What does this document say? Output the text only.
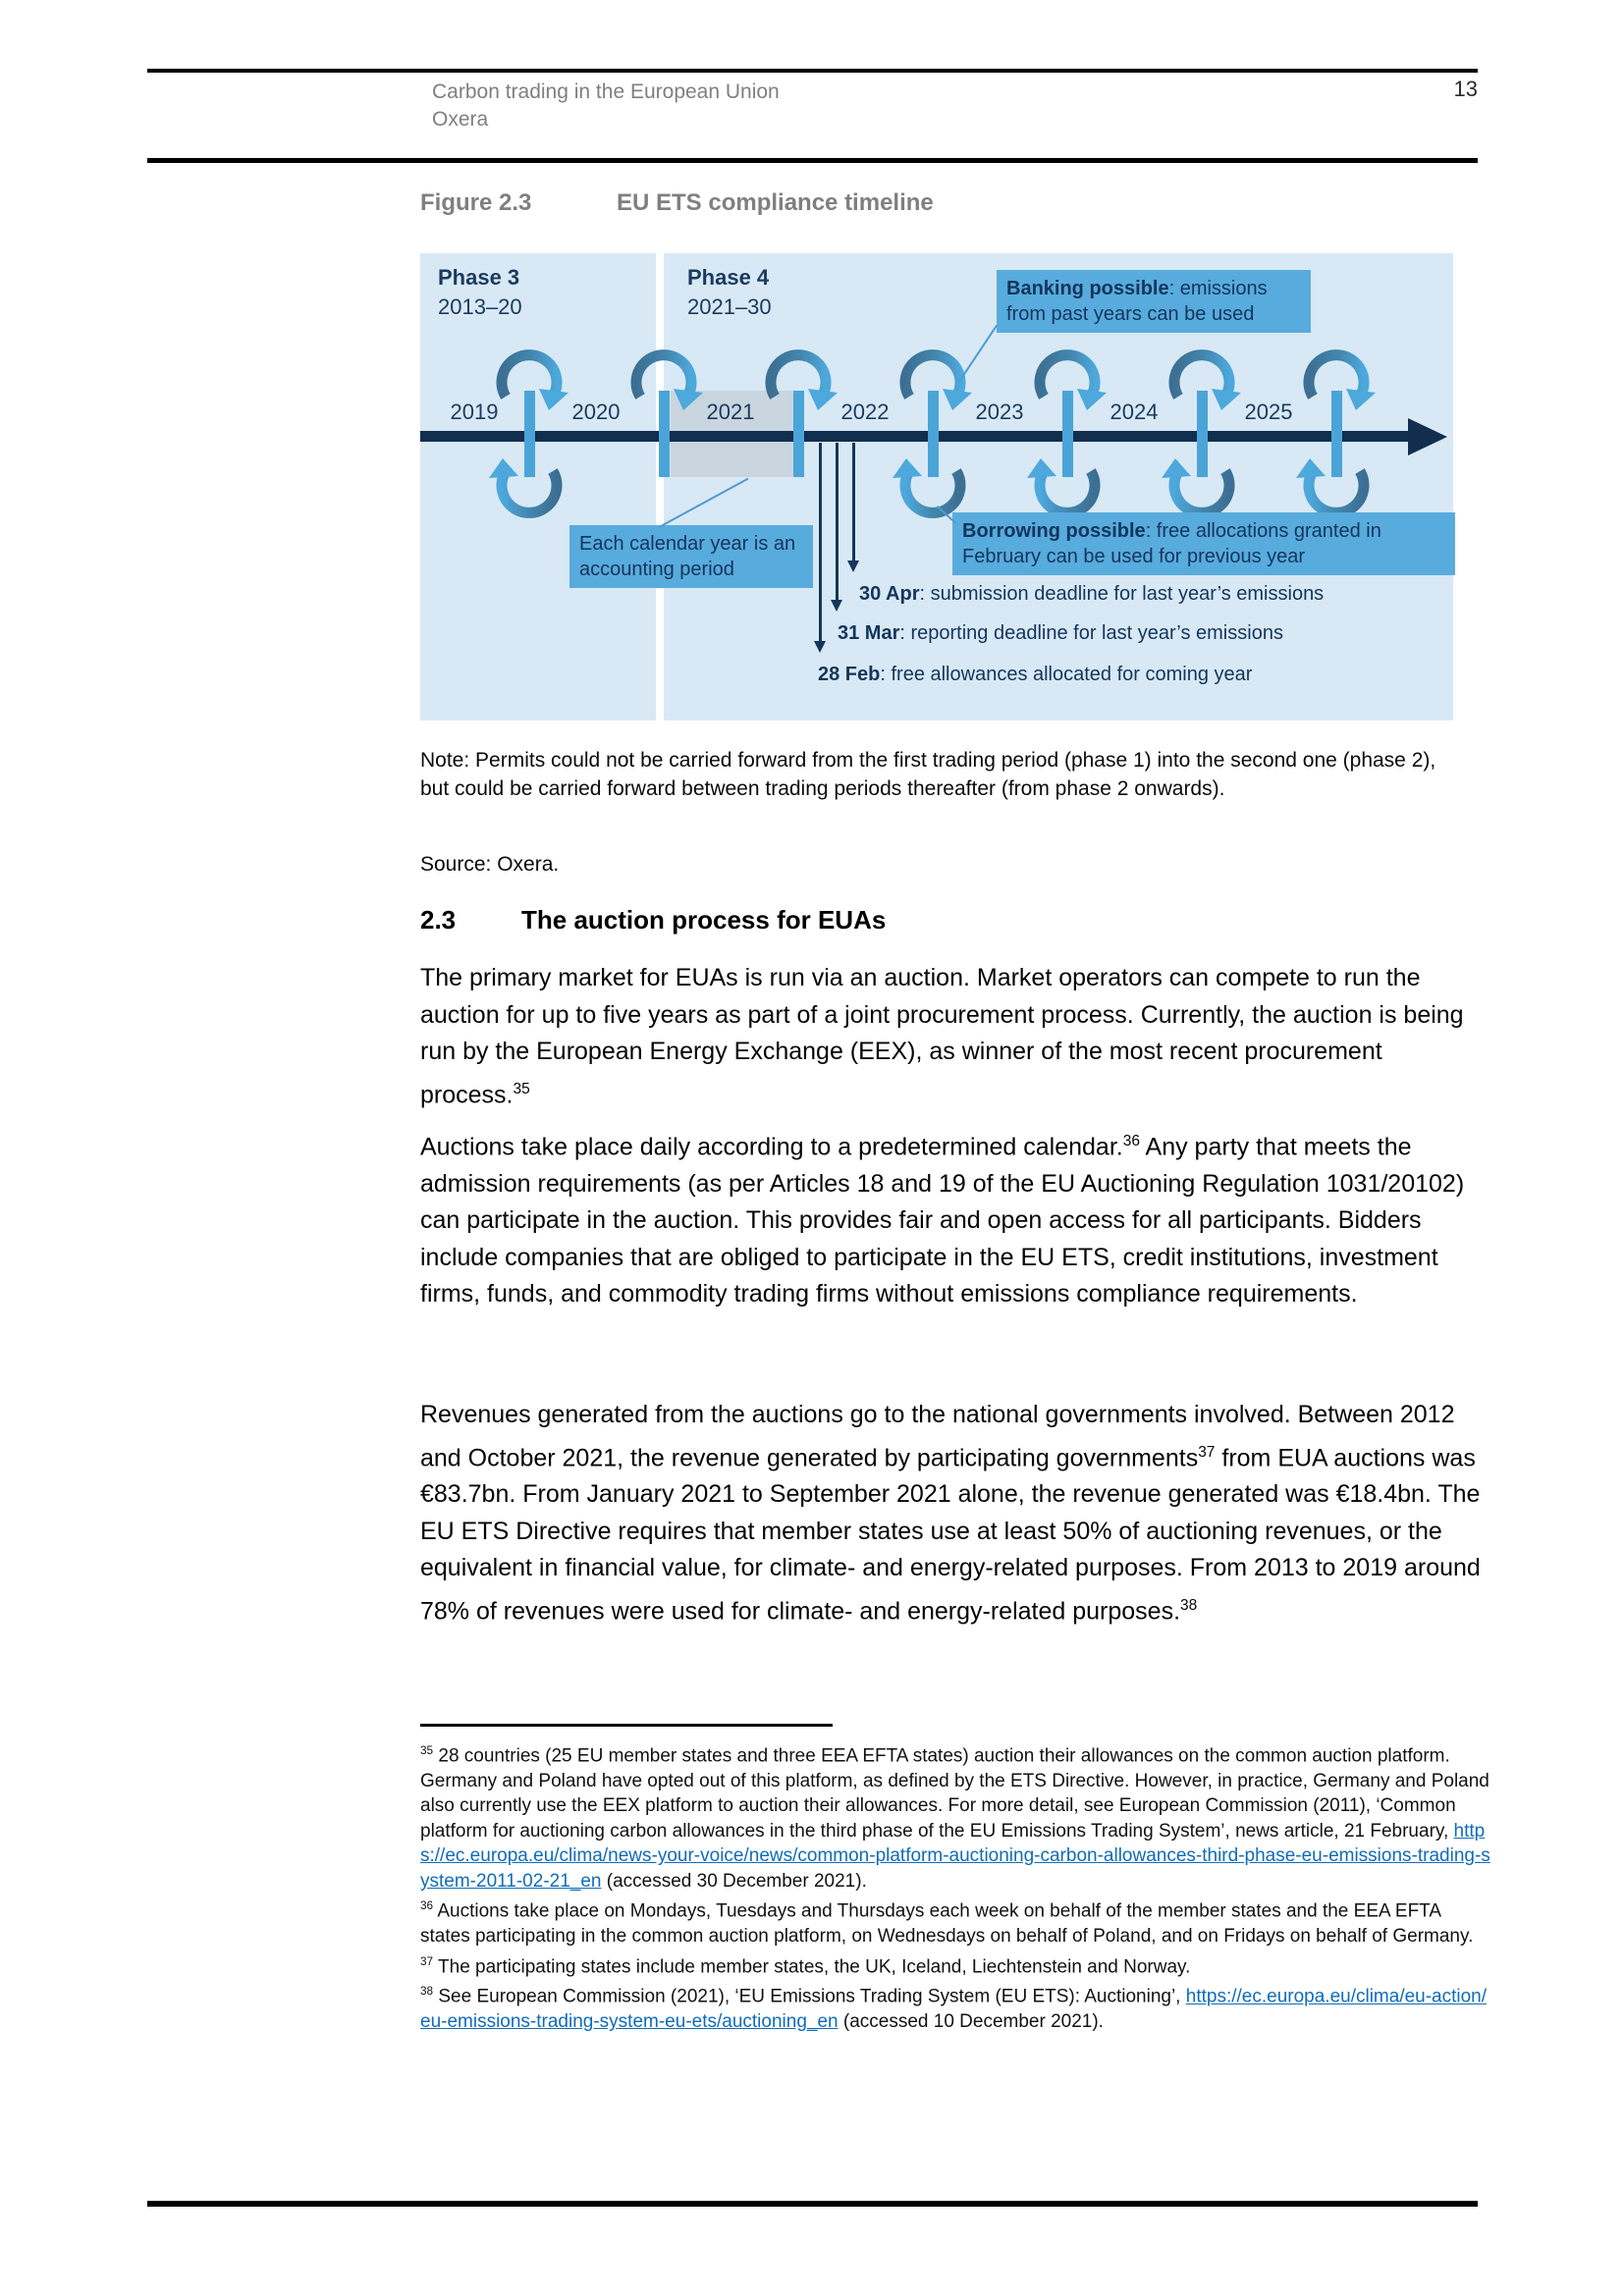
Carbon trading in the European Union
Oxera
13
Figure 2.3	EU ETS compliance timeline
Phase 3
2013–20
Phase 4
2021–30
2019	2020	2021	2022	2023	2024	2025
Banking possible: emissions from past years can be used
Each calendar year is an accounting period
Borrowing possible: free allocations granted in February can be used for previous year
30 Apr: submission deadline for last year’s emissions
31 Mar: reporting deadline for last year’s emissions
28 Feb: free allowances allocated for coming year
Note: Permits could not be carried forward from the first trading period (phase 1) into the second one (phase 2), but could be carried forward between trading periods thereafter (from phase 2 onwards).
Source: Oxera.
2.3	The auction process for EUAs
The primary market for EUAs is run via an auction. Market operators can compete to run the auction for up to five years as part of a joint procurement process. Currently, the auction is being run by the European Energy Exchange (EEX), as winner of the most recent procurement process.$^{35}$
Auctions take place daily according to a predetermined calendar.$^{36}$ Any party that meets the admission requirements (as per Articles 18 and 19 of the EU Auctioning Regulation 1031/20102) can participate in the auction. This provides fair and open access for all participants. Bidders include companies that are obliged to participate in the EU ETS, credit institutions, investment firms, funds, and commodity trading firms without emissions compliance requirements.
Revenues generated from the auctions go to the national governments involved. Between 2012 and October 2021, the revenue generated by participating governments$^{37}$ from EUA auctions was €83.7bn. From January 2021 to September 2021 alone, the revenue generated was €18.4bn. The EU ETS Directive requires that member states use at least 50% of auctioning revenues, or the equivalent in financial value, for climate- and energy-related purposes. From 2013 to 2019 around 78% of revenues were used for climate- and energy-related purposes.$^{38}$

$^{35}$ 28 countries (25 EU member states and three EEA EFTA states) auction their allowances on the common auction platform. Germany and Poland have opted out of this platform, as defined by the ETS Directive. However, in practice, Germany and Poland also currently use the EEX platform to auction their allowances. For more detail, see European Commission (2011), ‘Common platform for auctioning carbon allowances in the third phase of the EU Emissions Trading System’, news article, 21 February, https://ec.europa.eu/clima/news-your-voice/news/common-platform-auctioning-carbon-allowances-third-phase-eu-emissions-trading-system-2011-02-21_en (accessed 30 December 2021).

$^{36}$ Auctions take place on Mondays, Tuesdays and Thursdays each week on behalf of the member states and the EEA EFTA states participating in the common auction platform, on Wednesdays on behalf of Poland, and on Fridays on behalf of Germany.

$^{37}$ The participating states include member states, the UK, Iceland, Liechtenstein and Norway.

$^{38}$ See European Commission (2021), ‘EU Emissions Trading System (EU ETS): Auctioning’, https://ec.europa.eu/clima/eu-action/eu-emissions-trading-system-eu-ets/auctioning_en (accessed 10 December 2021).
